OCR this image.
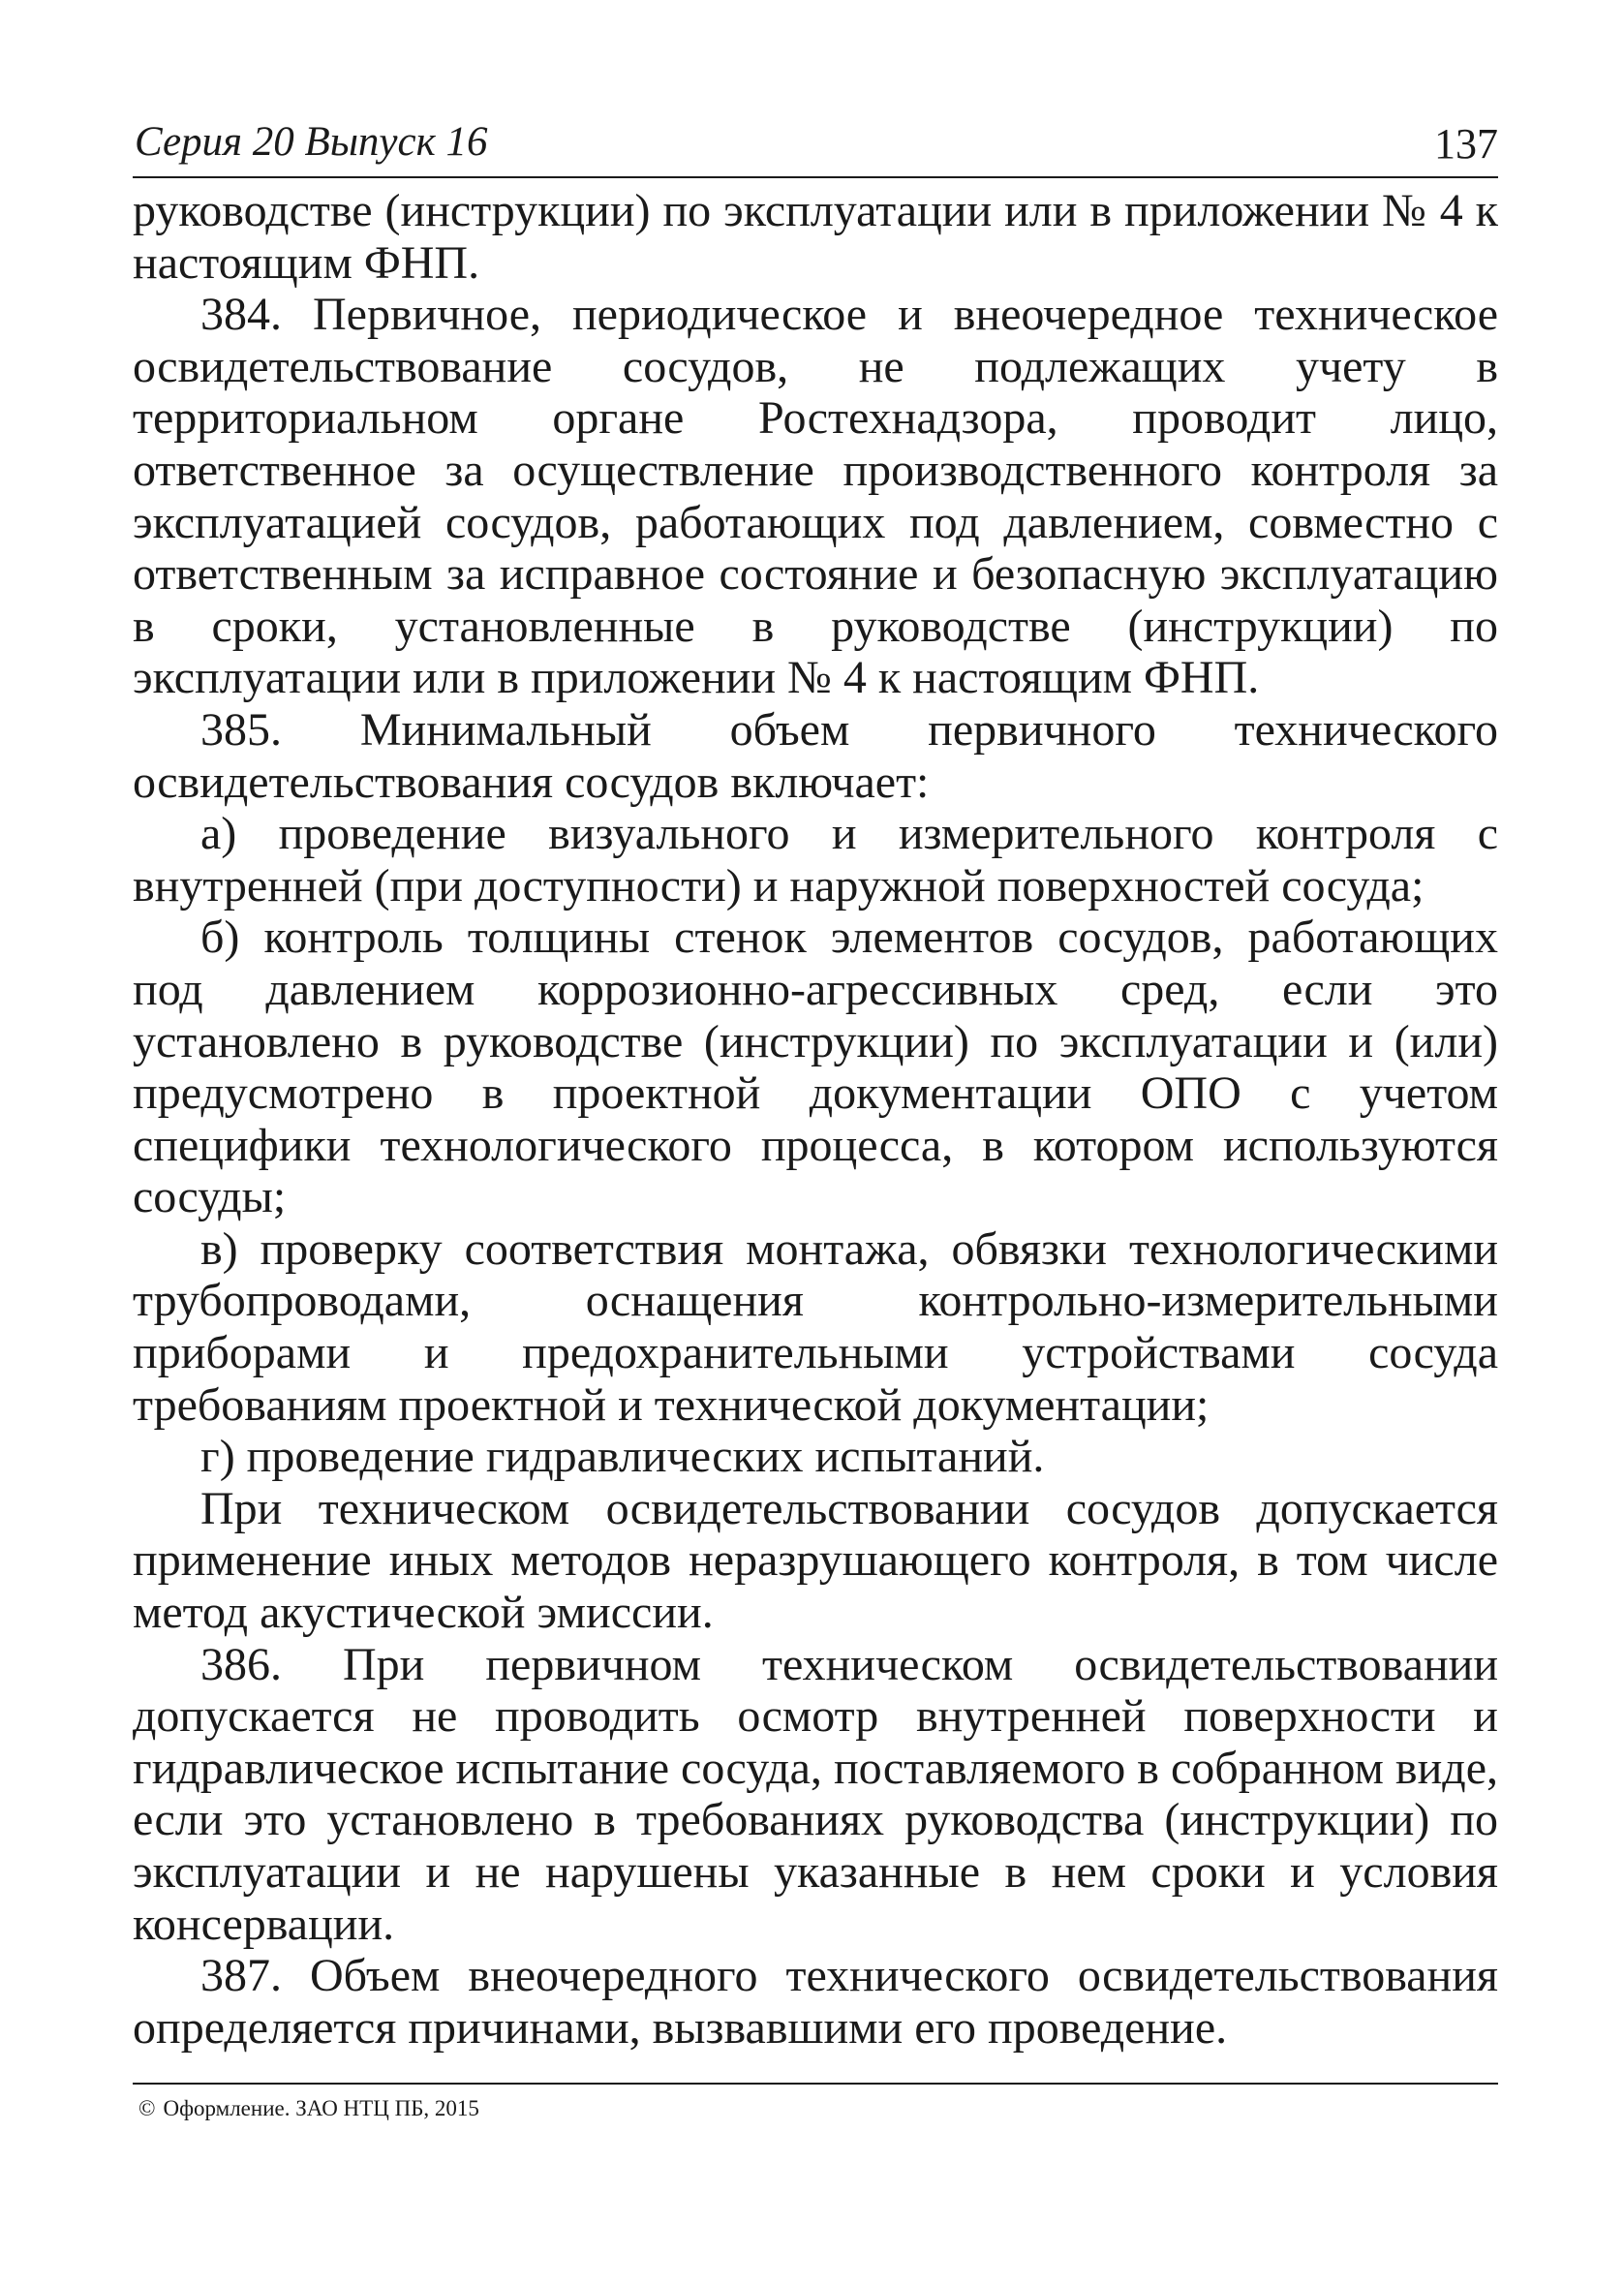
Серия 20 Выпуск 16	137

руководстве (инструкции) по эксплуатации или в приложении № 4 к настоящим ФНП.

384. Первичное, периодическое и внеочередное техническое освидетельствование сосудов, не подлежащих учету в территориальном органе Ростехнадзора, проводит лицо, ответственное за осуществление производственного контроля за эксплуатацией сосудов, работающих под давлением, совместно с ответственным за исправное состояние и безопасную эксплуатацию в сроки, установленные в руководстве (инструкции) по эксплуатации или в приложении № 4 к настоящим ФНП.

385. Минимальный объем первичного технического освидетельствования сосудов включает:

а) проведение визуального и измерительного контроля с внутренней (при доступности) и наружной поверхностей сосуда;

б) контроль толщины стенок элементов сосудов, работающих под давлением коррозионно-агрессивных сред, если это установлено в руководстве (инструкции) по эксплуатации и (или) предусмотрено в проектной документации ОПО с учетом специфики технологического процесса, в котором используются сосуды;

в) проверку соответствия монтажа, обвязки технологическими трубопроводами, оснащения контрольно-измерительными приборами и предохранительными устройствами сосуда требованиям проектной и технической документации;

г) проведение гидравлических испытаний.

При техническом освидетельствовании сосудов допускается применение иных методов неразрушающего контроля, в том числе метод акустической эмиссии.

386. При первичном техническом освидетельствовании допускается не проводить осмотр внутренней поверхности и гидравлическое испытание сосуда, поставляемого в собранном виде, если это установлено в требованиях руководства (инструкции) по эксплуатации и не нарушены указанные в нем сроки и условия консервации.

387. Объем внеочередного технического освидетельствования определяется причинами, вызвавшими его проведение.

© Оформление. ЗАО НТЦ ПБ, 2015
